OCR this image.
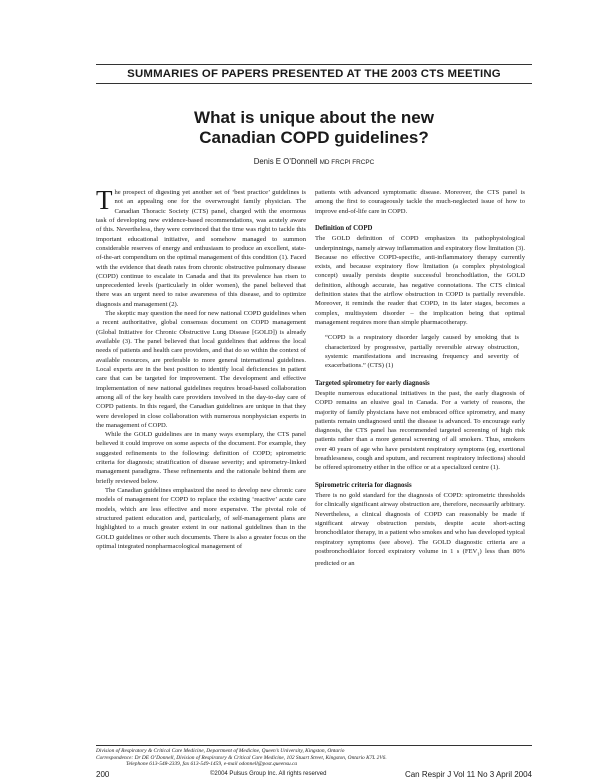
SUMMARIES OF PAPERS PRESENTED AT THE 2003 CTS MEETING
What is unique about the new
Canadian COPD guidelines?
Denis E O’Donnell MD FRCPI FRCPC

The prospect of digesting yet another set of ‘best practice’ guidelines is not an appealing one for the overwrought family physician. The Canadian Thoracic Society (CTS) panel, charged with the enormous task of developing new evidence-based recommendations, was acutely aware of this. Nevertheless, they were convinced that the time was right to tackle this important educational initiative, and somehow managed to summon considerable reserves of energy and enthusiasm to produce an excellent, state-of-the-art compendium on the optimal management of this condition (1). Faced with the evidence that death rates from chronic obstructive pulmonary disease (COPD) continue to escalate in Canada and that its prevalence has risen to unprecedented levels (particularly in older women), the panel believed that there was an urgent need to raise awareness of this disease, and to optimize diagnosis and management (2).

The skeptic may question the need for new national COPD guidelines when a recent authoritative, global consensus document on COPD management (Global Initiative for Chronic Obstructive Lung Disease [GOLD]) is already available (3). The panel believed that local guidelines that address the local needs of patients and health care providers, and that do so within the context of available resources, are preferable to more general international guidelines. Local experts are in the best position to identify local deficiencies in patient care that can be targeted for improvement. The development and effective implementation of new national guidelines requires broad-based collaboration among all of the key health care providers involved in the day-to-day care of COPD patients. In this regard, the Canadian guidelines are unique in that they were developed in close collaboration with numerous nonphysician experts in the management of COPD.

While the GOLD guidelines are in many ways exemplary, the CTS panel believed it could improve on some aspects of the document. For example, they suggested refinements to the following: definition of COPD; spirometric criteria for diagnosis; stratification of disease severity; and spirometry-linked management paradigms. These refinements and the rationale behind them are briefly reviewed below.

The Canadian guidelines emphasized the need to develop new chronic care models of management for COPD to replace the existing ‘reactive’ acute care models, which are less effective and more expensive. The pivotal role of structured patient education and, particularly, of self-management plans are highlighted to a much greater extent in our national guidelines than in the GOLD guidelines or other such documents. There is also a greater focus on the optimal integrated nonpharmacological management of

patients with advanced symptomatic disease. Moreover, the CTS panel is among the first to courageously tackle the much-neglected issue of how to improve end-of-life care in COPD.

Definition of COPD

The GOLD definition of COPD emphasizes its pathophysiological underpinnings, namely airway inflammation and expiratory flow limitation (3). Because no effective COPD-specific, anti-inflammatory therapy currently exists, and because expiratory flow limitation (a complex physiological concept) usually persists despite successful bronchodilation, the GOLD definition, although accurate, has negative connotations. The CTS clinical definition states that the airflow obstruction in COPD is partially reversible. Moreover, it reminds the reader that COPD, in its later stages, becomes a complex, multisystem disorder – the implication being that optimal management requires more than simple pharmacotherapy.

“COPD is a respiratory disorder largely caused by smoking that is characterized by progressive, partially reversible airway obstruction, systemic manifestations and increasing frequency and severity of exacerbations.” (CTS) (1)

Targeted spirometry for early diagnosis

Despite numerous educational initiatives in the past, the early diagnosis of COPD remains an elusive goal in Canada. For a variety of reasons, the majority of family physicians have not embraced office spirometry, and many patients remain undiagnosed until the disease is advanced. To encourage early diagnosis, the CTS panel has recommended targeted screening of high risk patients rather than a more general screening of all smokers. Thus, smokers over 40 years of age who have persistent respiratory symptoms (eg, exertional breathlessness, cough and sputum, and recurrent respiratory infections) should be offered spirometry either in the office or at a specialized centre (1).

Spirometric criteria for diagnosis

There is no gold standard for the diagnosis of COPD: spirometric thresholds for clinically significant airway obstruction are, therefore, necessarily arbitrary. Nevertheless, a clinical diagnosis of COPD can reasonably be made if significant airway obstruction persists, despite acute short-acting bronchodilator therapy, in a patient who smokes and who has developed typical respiratory symptoms (see above). The GOLD diagnostic criteria are a postbronchodilator forced expiratory volume in 1 s $(FEV_1)$ less than 80% predicted or an

Division of Respiratory & Critical Care Medicine, Department of Medicine, Queen’s University, Kingston, Ontario
Correspondence: Dr DE O’Donnell, Division of Respiratory & Critical Care Medicine, 102 Stuart Street, Kingston, Ontario K7L 2V6.
Telephone 613-548-2339, fax 613-549-1459, e-mail odonnell@post.queensu.ca
200	©2004 Pulsus Group Inc. All rights reserved	Can Respir J Vol 11 No 3 April 2004
